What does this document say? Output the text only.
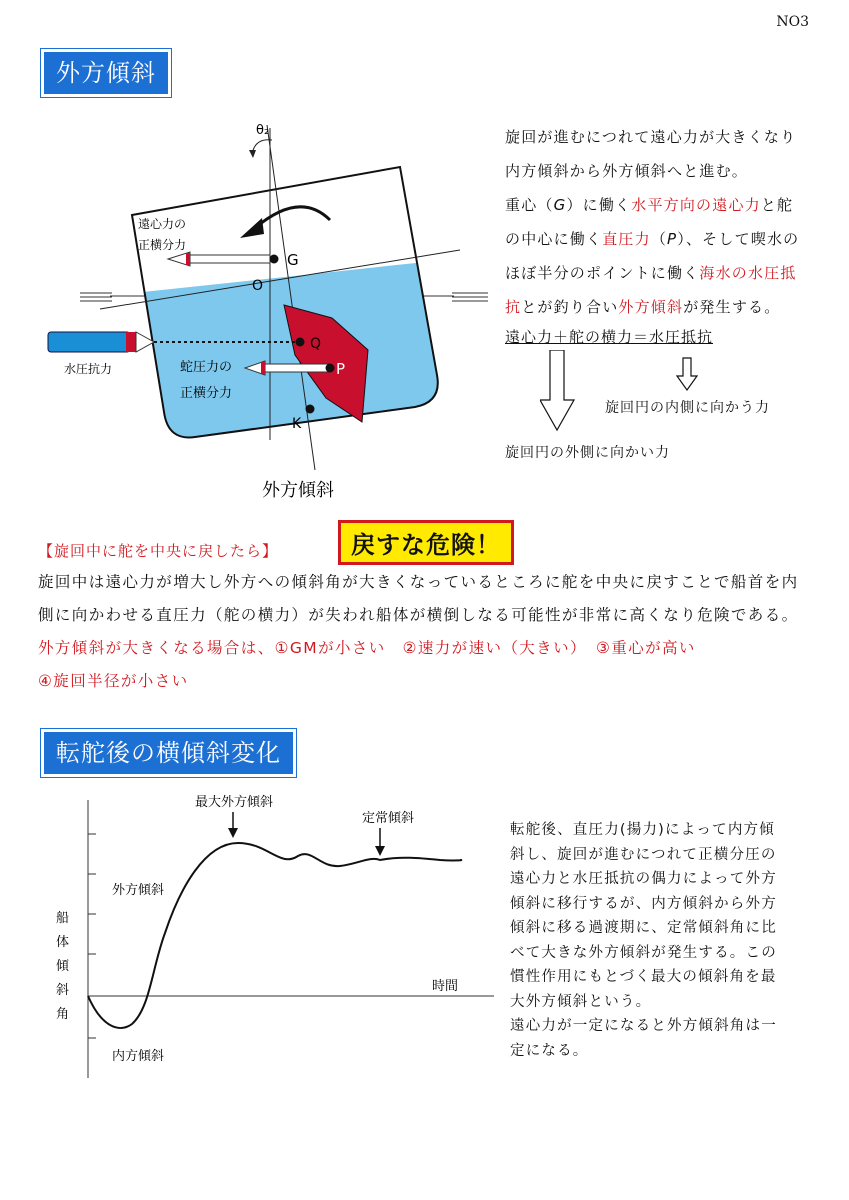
NO3
外方傾斜
θ₂
G
遠心力の
正横分力
O
Q
水圧抗力	P
蛇圧力の
正横分力
K
外方傾斜
旋回が進むにつれて遠心力が大きくなり
内方傾斜から外方傾斜へと進む。
重心（G）に働く水平方向の遠心力と舵
の中心に働く直圧力（P）、そして喫水の
ほぼ半分のポイントに働く海水の水圧抵
抗とが釣り合い外方傾斜が発生する。
遠心力＋舵の横力＝水圧抵抗
旋回円の内側に向かう力
旋回円の外側に向かい力
【旋回中に舵を中央に戻したら】	戻すな危険！
旋回中は遠心力が増大し外方への傾斜角が大きくなっているところに舵を中央に戻すことで船首を内
側に向かわせる直圧力（舵の横力）が失われ船体が横倒しなる可能性が非常に高くなり危険である。
外方傾斜が大きくなる場合は、①GMが小さい　②速力が速い（大きい）　③重心が高い
④旋回半径が小さい
転舵後の横傾斜変化
最大外方傾斜
定常傾斜
外方傾斜
内方傾斜
時間
船
体
傾
斜
角
転舵後、直圧力(揚力)によって内方傾
斜し、旋回が進むにつれて正横分圧の
遠心力と水圧抵抗の偶力によって外方
傾斜に移行するが、内方傾斜から外方
傾斜に移る過渡期に、定常傾斜角に比
べて大きな外方傾斜が発生する。この
慣性作用にもとづく最大の傾斜角を最
大外方傾斜という。
遠心力が一定になると外方傾斜角は一
定になる。
